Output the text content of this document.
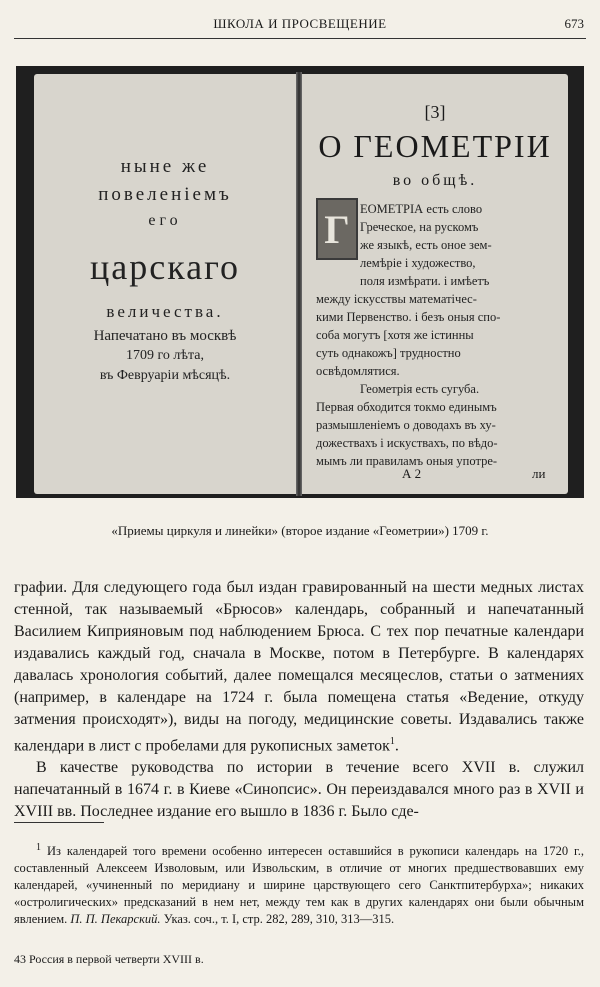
ШКОЛА И ПРОСВЕЩЕНИЕ	673
ныне же
повеленiемъ
его
царскаго
величества.
Напечатано въ москвѣ
1709 го лѣта,
въ Февруарiи мѣсяцѣ.
[3]
О ГЕОМЕТРIИ
во общѣ.
Г ЕОМЕТРIА есть слово
Греческое, на рускомъ
же языкѣ, есть оное зем-
лемѣрiе i художество,
поля измѣрати. i имѣетъ
между iскусствы математiчес-
кими Первенство. i безъ оныя спо-
соба могутъ [хотя же iстинны
суть однакожъ] трудностно
освѣдомлятися.
Геометрiя есть сугуба.
Первая обходится токмо единымъ
размышленiемъ о доводахъ въ ху-
дожествахъ i искуствахъ, по вѣдо-
мымъ ли правиламъ оныя употре-
А 2	ли
«Приемы циркуля и линейки» (второе издание «Геометрии») 1709 г.

графии. Для следующего года был издан гравированный на шести медных листах стенной, так называемый «Брюсов» календарь, собранный и напечатанный Василием Киприяновым под наблюдением Брюса. С тех пор печатные календари издавались каждый год, сначала в Москве, потом в Петербурге. В календарях давалась хронология событий, далее помещался месяцеслов, статьи о затмениях (например, в календаре на 1724 г. была помещена статья «Ведение, откуду затмения происходят»), виды на погоду, медицинские советы. Издавались также календари в лист с пробелами для рукописных заметок$^1$.

В качестве руководства по истории в течение всего XVII в. служил напечатанный в 1674 г. в Киеве «Синопсис». Он переиздавался много раз в XVII и XVIII вв. Последнее издание его вышло в 1836 г. Было сде-

$^1$ Из календарей того времени особенно интересен оставшийся в рукописи календарь на 1720 г., составленный Алексеем Изволовым, или Извольским, в отличие от многих предшествовавших ему календарей, «учиненный по меридиану и ширине царствующего сего Санктпитербурха»; никаких «остролигических» предсказаний в нем нет, между тем как в других календарях они были обычным явлением. П. П. Пекарский. Указ. соч., т. I, стр. 282, 289, 310, 313—315.

43 Россия в первой четверти XVIII в.
